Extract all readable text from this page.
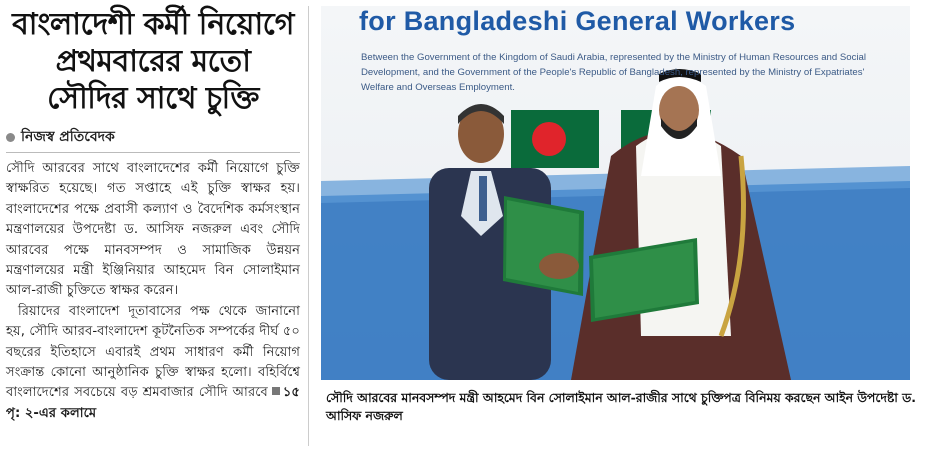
বাংলাদেশী কর্মী নিয়োগে
প্রথমবারের মতো
সৌদির সাথে চুক্তি
নিজস্ব প্রতিবেদক

সৌদি আরবের সাথে বাংলাদেশের কর্মী নিয়োগে চুক্তি স্বাক্ষরিত হয়েছে। গত সপ্তাহে এই চুক্তি স্বাক্ষর হয়। বাংলাদেশের পক্ষে প্রবাসী কল্যাণ ও বৈদেশিক কর্মসংস্থান মন্ত্রণালয়ের উপদেষ্টা ড. আসিফ নজরুল এবং সৌদি আরবের পক্ষে মানবসম্পদ ও সামাজিক উন্নয়ন মন্ত্রণালয়ের মন্ত্রী ইঞ্জিনিয়ার আহমেদ বিন সোলাইমান আল-রাজী চুক্তিতে স্বাক্ষর করেন।

রিয়াদের বাংলাদেশ দূতাবাসের পক্ষ থেকে জানানো হয়, সৌদি আরব-বাংলাদেশ কূটনৈতিক সম্পর্কের দীর্ঘ ৫০ বছরের ইতিহাসে এবারই প্রথম সাধারণ কর্মী নিয়োগ সংক্রান্ত কোনো আনুষ্ঠানিক চুক্তি স্বাক্ষর হলো। বহির্বিশ্বে বাংলাদেশের সবচেয়ে বড় শ্রমবাজার সৌদি আরবে ১৫ পৃ: ২-এর কলামে

for Bangladeshi General Workers
Between the Government of the Kingdom of Saudi Arabia, represented by the Ministry of Human Resources and Social Development, and the Government of the People's Republic of Bangladesh, represented by the Ministry of Expatriates' Welfare and Overseas Employment.
সৌদি আরবের মানবসম্পদ মন্ত্রী আহমেদ বিন সোলাইমান আল-রাজীর সাথে চুক্তিপত্র বিনিময় করছেন আইন উপদেষ্টা ড. আসিফ নজরুল
